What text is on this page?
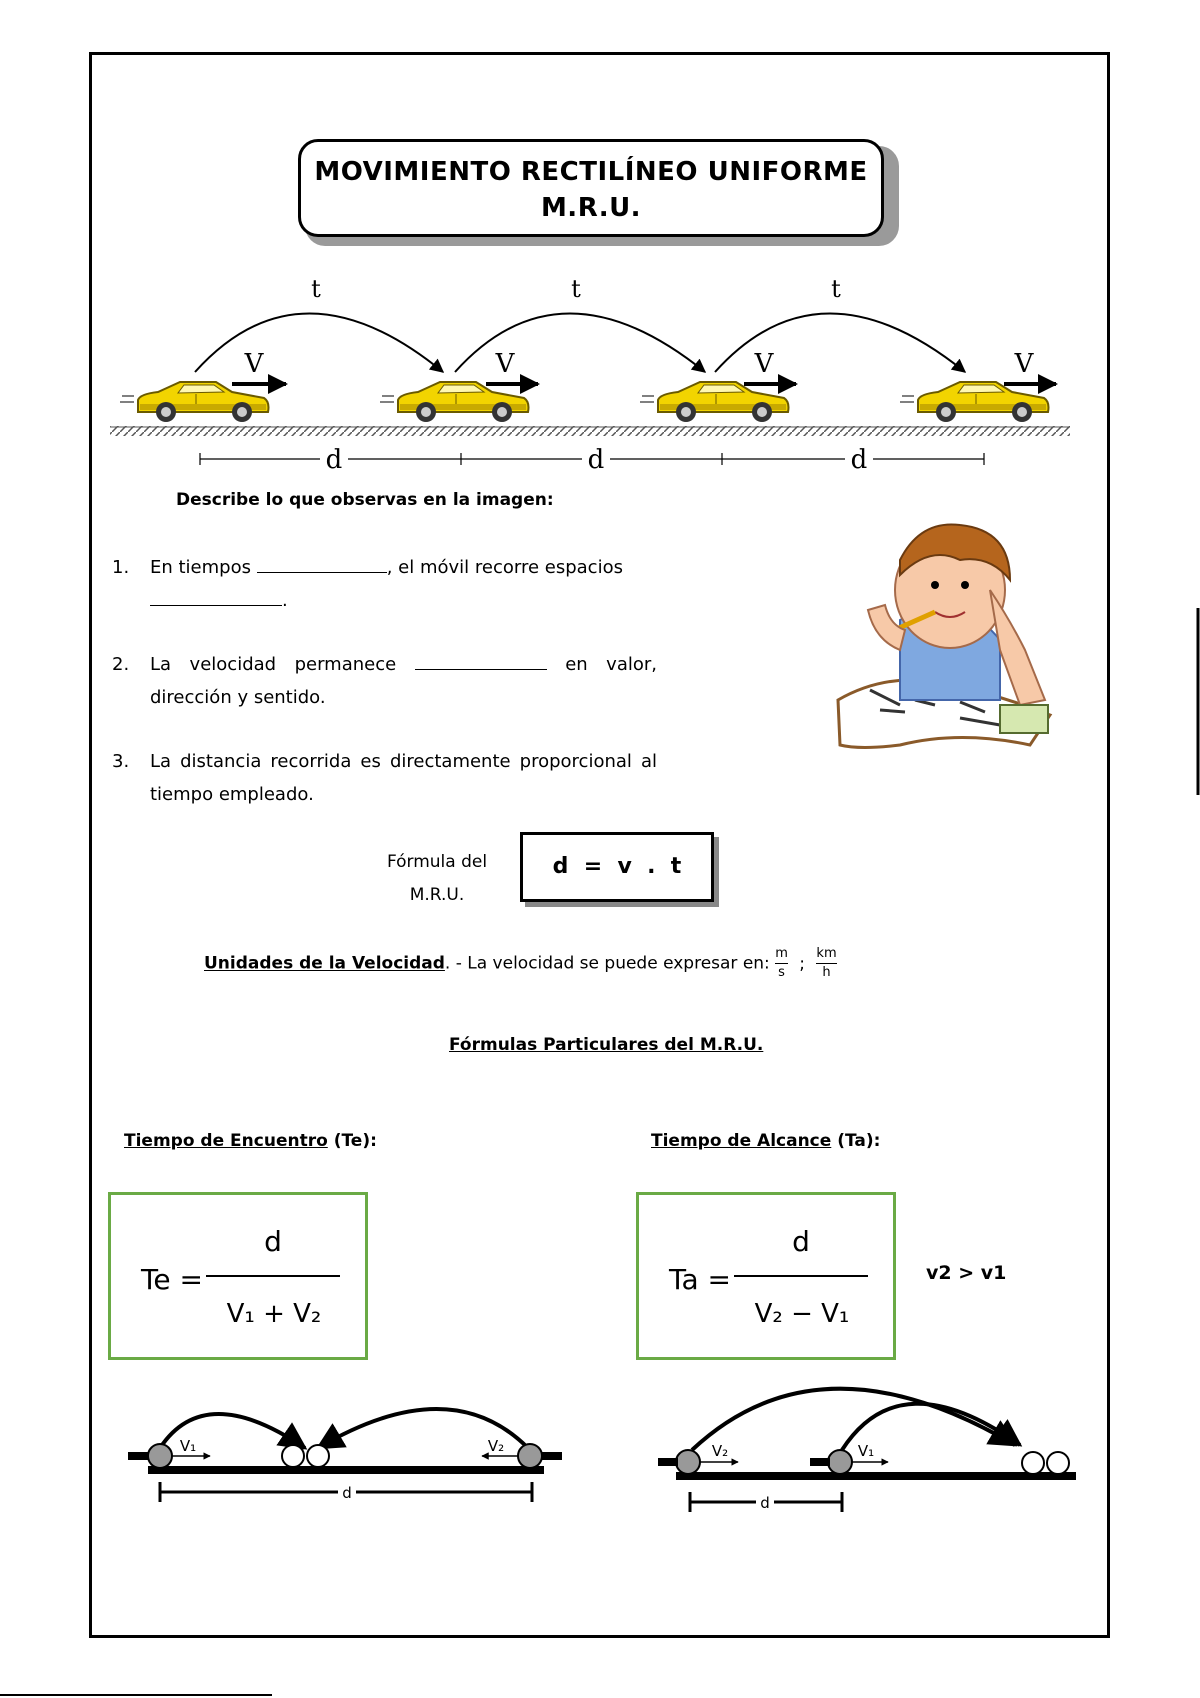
MOVIMIENTO RECTILÍNEO UNIFORME
M.R.U.
t	t	t
V	V	V	V
d	d	d
V₁	V₂
d
V₂	V₁
d
Describe lo que observas en la imagen:
1. En tiempos	, el móvil recorre espacios
.
2. La velocidad permanece	en valor, dirección y sentido.
3. La distancia recorrida es directamente proporcional al tiempo empleado.
Fórmula del
M.R.U.
d  =  v  .  t
Unidades de la Velocidad. - La velocidad se puede expresar en: $\frac{m}{s}$ ; $\frac{km}{h}$
Fórmulas Particulares del M.R.U.
Tiempo de Encuentro (Te):	Tiempo de Alcance (Ta):
Te =
d
V₁ + V₂
Ta =
d
V₂ − V₁
v2 > v1
